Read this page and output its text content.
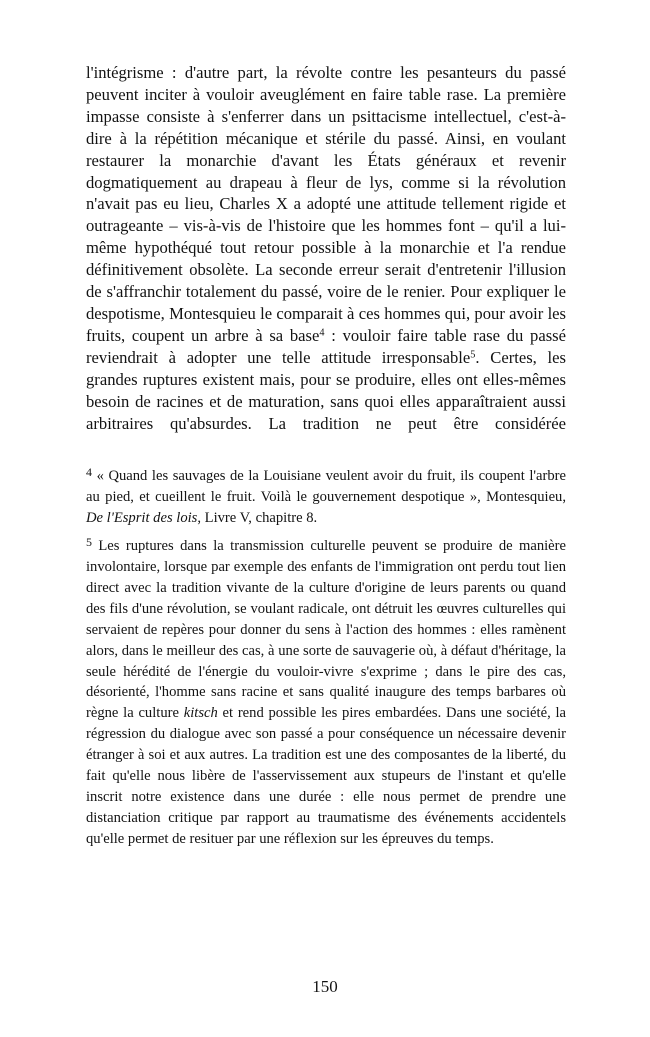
l'intégrisme : d'autre part, la révolte contre les pesanteurs du passé peuvent inciter à vouloir aveuglément en faire table rase. La première impasse consiste à s'enferrer dans un psittacisme intellectuel, c'est-à-dire à la répétition mécanique et stérile du passé. Ainsi, en voulant restaurer la monarchie d'avant les États généraux et revenir dogmatiquement au drapeau à fleur de lys, comme si la révolution n'avait pas eu lieu, Charles X a adopté une attitude tellement rigide et outrageante – vis-à-vis de l'histoire que les hommes font – qu'il a lui-même hypothéqué tout retour possible à la monarchie et l'a rendue définitivement obsolète. La seconde erreur serait d'entretenir l'illusion de s'affranchir totalement du passé, voire de le renier. Pour expliquer le despotisme, Montesquieu le comparait à ces hommes qui, pour avoir les fruits, coupent un arbre à sa base$^4$ : vouloir faire table rase du passé reviendrait à adopter une telle attitude irresponsable$^5$. Certes, les grandes ruptures existent mais, pour se produire, elles ont elles-mêmes besoin de racines et de maturation, sans quoi elles apparaîtraient aussi arbitraires qu'absurdes. La tradition ne peut être considérée

$^4$ « Quand les sauvages de la Louisiane veulent avoir du fruit, ils coupent l'arbre au pied, et cueillent le fruit. Voilà le gouvernement despotique », Montesquieu, De l'Esprit des lois, Livre V, chapitre 8.

$^5$ Les ruptures dans la transmission culturelle peuvent se produire de manière involontaire, lorsque par exemple des enfants de l'immigration ont perdu tout lien direct avec la tradition vivante de la culture d'origine de leurs parents ou quand des fils d'une révolution, se voulant radicale, ont détruit les œuvres culturelles qui servaient de repères pour donner du sens à l'action des hommes : elles ramènent alors, dans le meilleur des cas, à une sorte de sauvagerie où, à défaut d'héritage, la seule hérédité de l'énergie du vouloir-vivre s'exprime ; dans le pire des cas, désorienté, l'homme sans racine et sans qualité inaugure des temps barbares où règne la culture kitsch et rend possible les pires embardées. Dans une société, la régression du dialogue avec son passé a pour conséquence un nécessaire devenir étranger à soi et aux autres. La tradition est une des composantes de la liberté, du fait qu'elle nous libère de l'asservissement aux stupeurs de l'instant et qu'elle inscrit notre existence dans une durée : elle nous permet de prendre une distanciation critique par rapport au traumatisme des événements accidentels qu'elle permet de resituer par une réflexion sur les épreuves du temps.

150
